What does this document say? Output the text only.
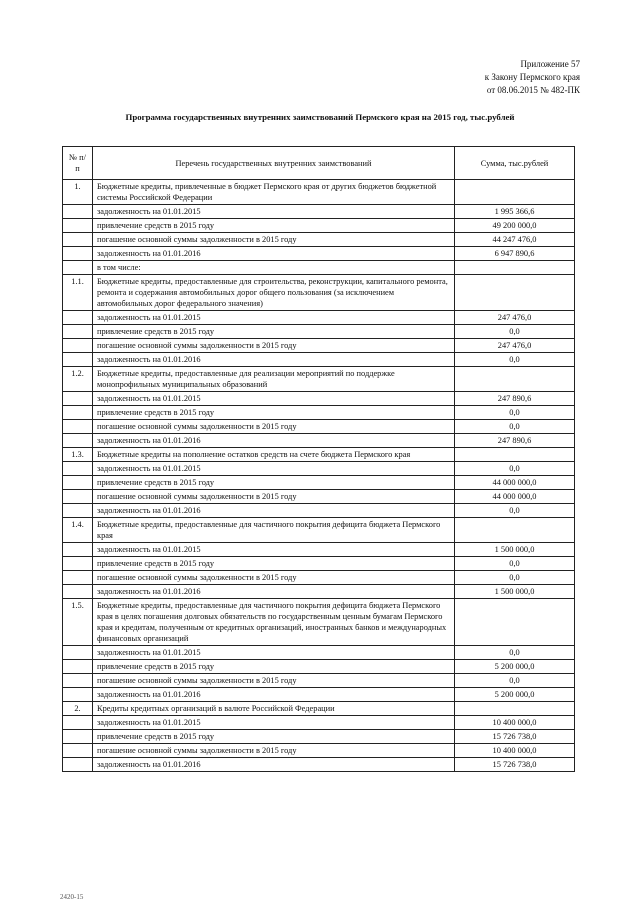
Приложение 57
к Закону Пермского края
от 08.06.2015 № 482-ПК
Программа государственных внутренних заимствований Пермского края на 2015 год, тыс.рублей
№ п/п	Перечень государственных внутренних заимствований	Сумма, тыс.рублей
1.	Бюджетные кредиты, привлеченные в бюджет Пермского края от других бюджетов бюджетной системы Российской Федерации	
	задолженность на 01.01.2015	1 995 366,6
	привлечение средств в 2015 году	49 200 000,0
	погашение основной суммы задолженности в 2015 году	44 247 476,0
	задолженность на 01.01.2016	6 947 890,6
	в том числе:	
1.1.	Бюджетные кредиты, предоставленные для строительства, реконструкции, капитального ремонта, ремонта и содержания автомобильных дорог общего пользования (за исключением автомобильных дорог федерального значения)	
	задолженность на 01.01.2015	247 476,0
	привлечение средств в 2015 году	0,0
	погашение основной суммы задолженности в 2015 году	247 476,0
	задолженность на 01.01.2016	0,0
1.2.	Бюджетные кредиты, предоставленные для реализации мероприятий по поддержке монопрофильных муниципальных образований	
	задолженность на 01.01.2015	247 890,6
	привлечение средств в 2015 году	0,0
	погашение основной суммы задолженности в 2015 году	0,0
	задолженность на 01.01.2016	247 890,6
1.3.	Бюджетные кредиты на пополнение остатков средств на счете бюджета Пермского края	
	задолженность на 01.01.2015	0,0
	привлечение средств в 2015 году	44 000 000,0
	погашение основной суммы задолженности в 2015 году	44 000 000,0
	задолженность на 01.01.2016	0,0
1.4.	Бюджетные кредиты, предоставленные для частичного покрытия дефицита бюджета Пермского края	
	задолженность на 01.01.2015	1 500 000,0
	привлечение средств в 2015 году	0,0
	погашение основной суммы задолженности в 2015 году	0,0
	задолженность на 01.01.2016	1 500 000,0
1.5.	Бюджетные кредиты, предоставленные для частичного покрытия дефицита бюджета Пермского края в целях погашения долговых обязательств по государственным ценным бумагам Пермского края и кредитам, полученным от кредитных организаций, иностранных банков и международных финансовых организаций	
	задолженность на 01.01.2015	0,0
	привлечение средств в 2015 году	5 200 000,0
	погашение основной суммы задолженности в 2015 году	0,0
	задолженность на 01.01.2016	5 200 000,0
2.	Кредиты кредитных организаций в валюте Российской Федерации	
	задолженность на 01.01.2015	10 400 000,0
	привлечение средств в 2015 году	15 726 738,0
	погашение основной суммы задолженности в 2015 году	10 400 000,0
	задолженность на 01.01.2016	15 726 738,0
2420-15
